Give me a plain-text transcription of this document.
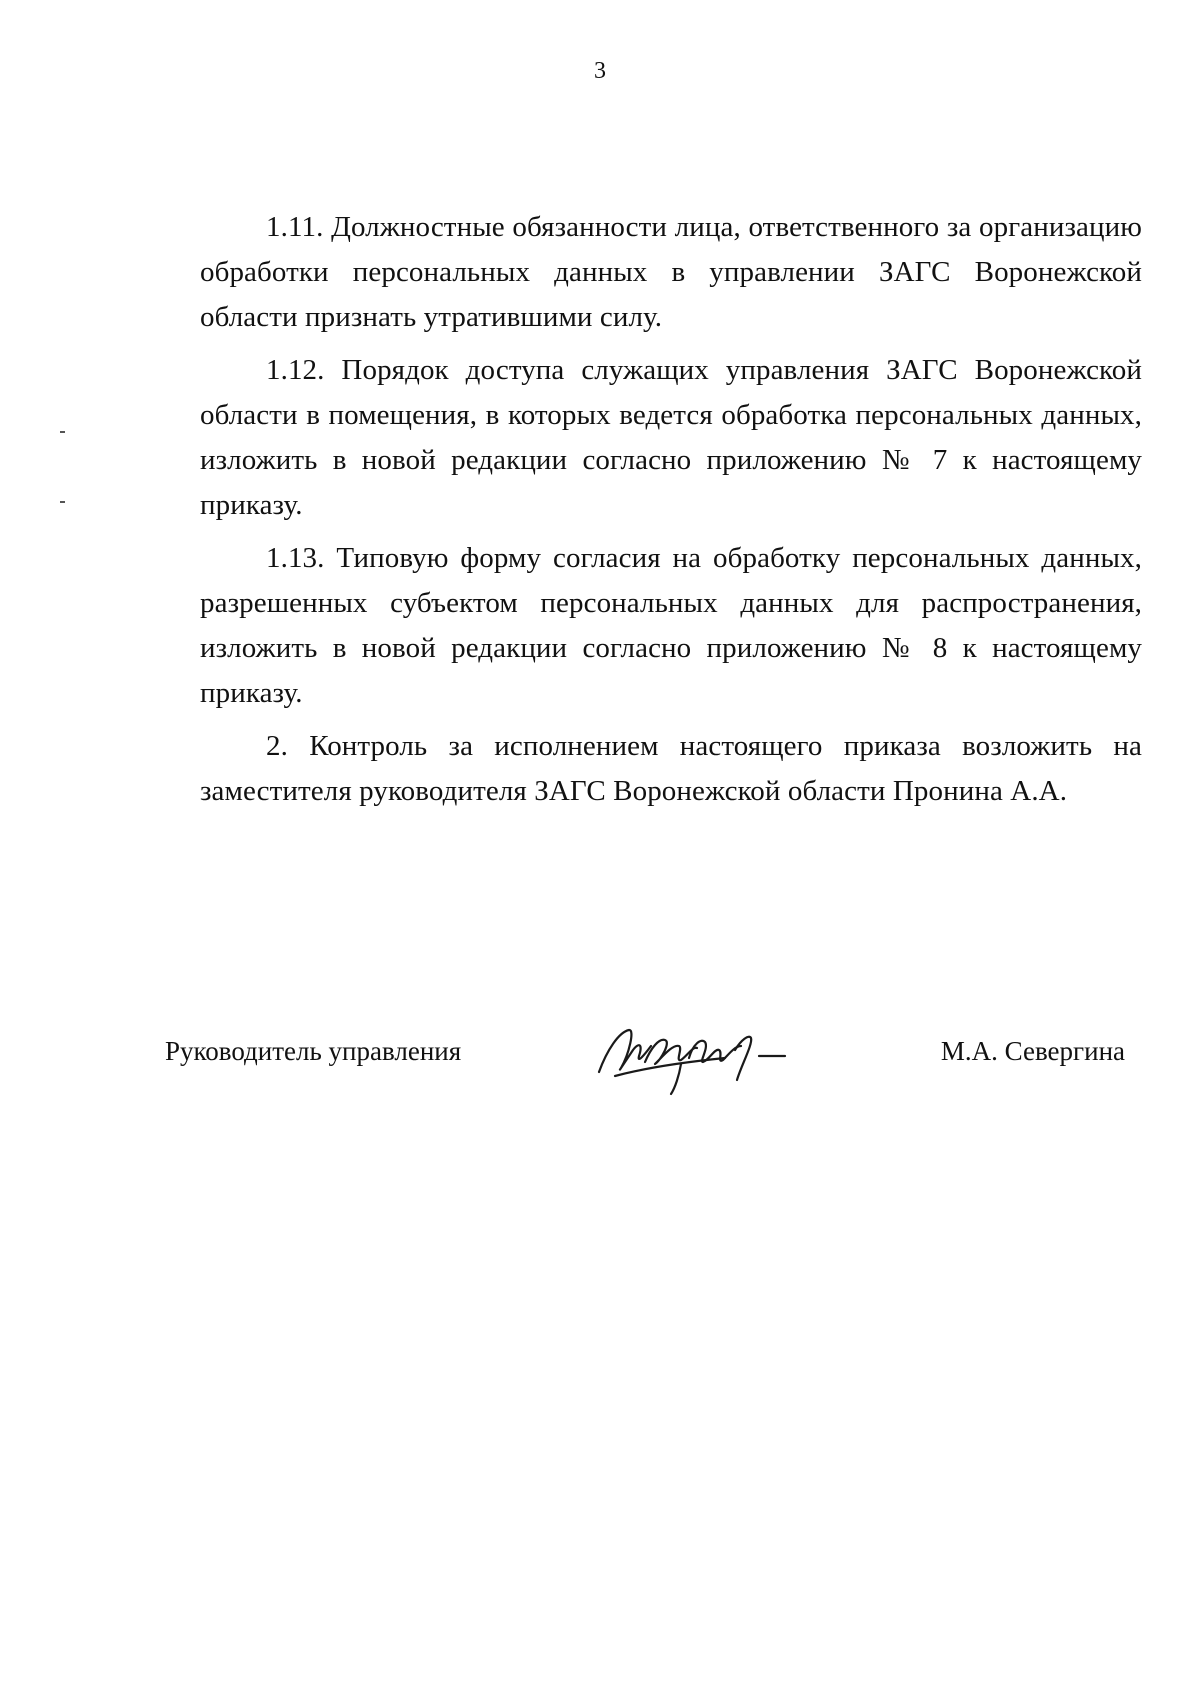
3

1.11. Должностные обязанности лица, ответственного за организацию обработки персональных данных в управлении ЗАГС Воронежской области признать утратившими силу.

1.12. Порядок доступа служащих управления ЗАГС Воронежской области в помещения, в которых ведется обработка персональных данных, изложить в новой редакции согласно приложению № 7 к настоящему приказу.

1.13. Типовую форму согласия на обработку персональных данных, разрешенных субъектом персональных данных для распространения, изложить в новой редакции согласно приложению № 8 к настоящему приказу.

2. Контроль за исполнением настоящего приказа возложить на заместителя руководителя ЗАГС Воронежской области Пронина А.А.

Руководитель управления	М.А. Севергина
